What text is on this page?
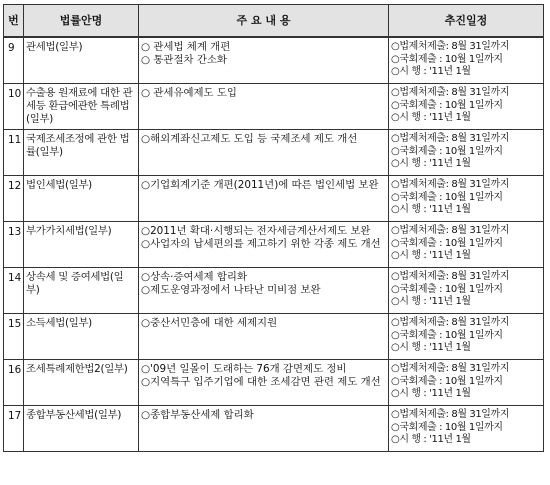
번	법률안명	주 요 내 용	추진일정
9	관세법(일부)	○ 관세법 체계 개편
○ 통관절차 간소화	○법제처제출: 8월 31일까지
○국회제출 : 10월 1일까지
○시 행 : '11년 1월

10	수출용 원재료에 대한 관세등 환급에관한 특례법(일부)	○ 관세유예제도 도입	○법제처제출: 8월 31일까지
○국회제출 : 10월 1일까지
○시 행 : '11년 1월

11	국제조세조정에 관한 법률(일부)	○해외계좌신고제도 도입 등 국제조세 제도 개선	○법제처제출: 8월 31일까지
○국회제출 : 10월 1일까지
○시 행 : '11년 1월

12	법인세법(일부)	○기업회계기준 개편(2011년)에 따른 법인세법 보완	○법제처제출: 8월 31일까지
○국회제출 : 10월 1일까지
○시 행 : '11년 1월

13	부가가치세법(일부)	○2011년 확대·시행되는 전자세금계산서제도 보완
○사업자의 납세편의를 제고하기 위한 각종 제도 개선	○법제처제출: 8월 31일까지
○국회제출 : 10월 1일까지
○시 행 : '11년 1월

14	상속세 및 증여세법(일부)	○상속·증여세제 합리화
○제도운영과정에서 나타난 미비점 보완	○법제처제출: 8월 31일까지
○국회제출 : 10월 1일까지
○시 행 : '11년 1월

15	소득세법(일부)	○중산서민층에 대한 세제지원	○법제처제출: 8월 31일까지
○국회제출 : 10월 1일까지
○시 행 : '11년 1월

16	조세특례제한법2(일부)	○'09년 일몰이 도래하는 76개 감면제도 정비
○지역특구 입주기업에 대한 조세감면 관련 제도 개선	○법제처제출: 8월 31일까지
○국회제출 : 10월 1일까지
○시 행 : '11년 1월

17	종합부동산세법(일부)	○종합부동산세제 합리화	○법제처제출: 8월 31일까지
○국회제출 : 10월 1일까지
○시 행 : '11년 1월
